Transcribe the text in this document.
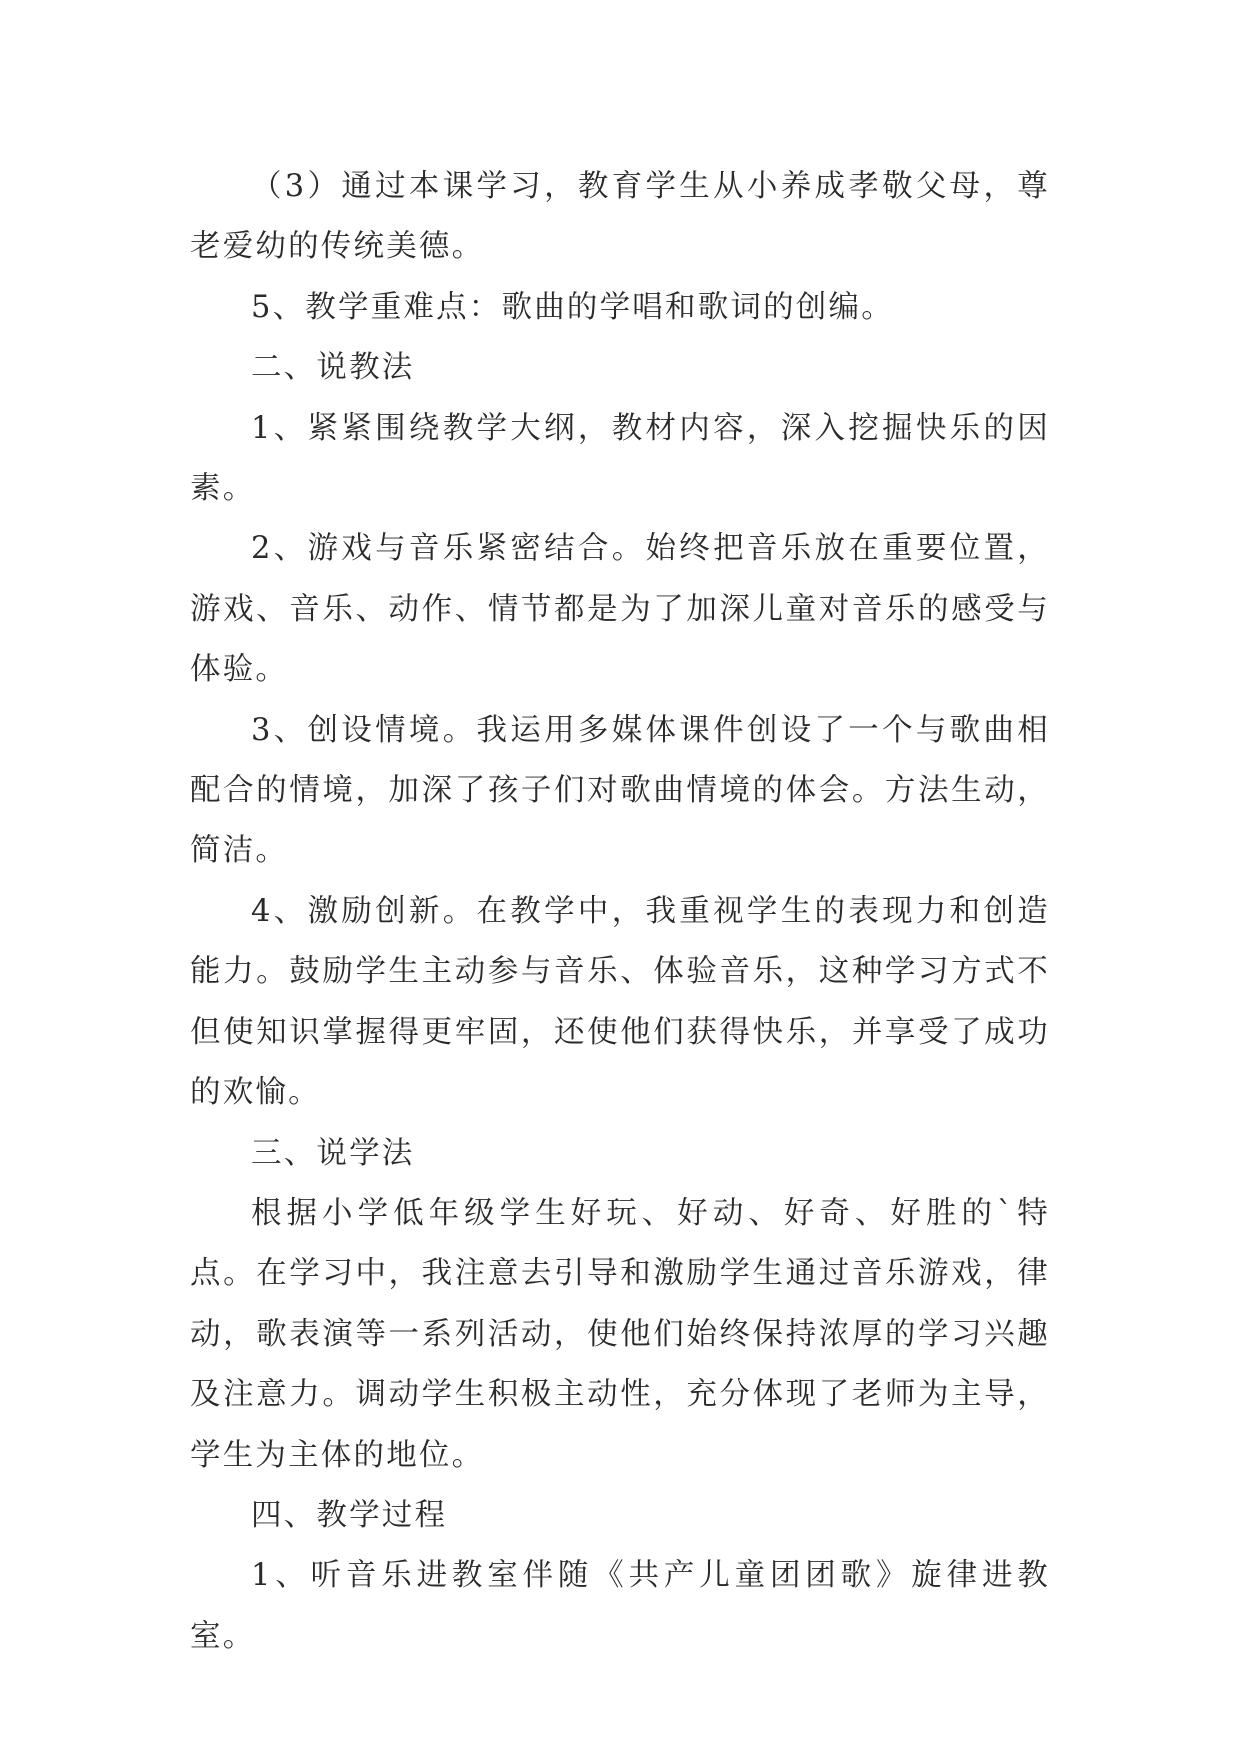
（3）通过本课学习，教育学生从小养成孝敬父母，尊老爱幼的传统美德。

5、教学重难点：歌曲的学唱和歌词的创编。

二、说教法

1、紧紧围绕教学大纲，教材内容，深入挖掘快乐的因素。

2、游戏与音乐紧密结合。始终把音乐放在重要位置，游戏、音乐、动作、情节都是为了加深儿童对音乐的感受与体验。

3、创设情境。我运用多媒体课件创设了一个与歌曲相配合的情境，加深了孩子们对歌曲情境的体会。方法生动，简洁。

4、激励创新。在教学中，我重视学生的表现力和创造能力。鼓励学生主动参与音乐、体验音乐，这种学习方式不但使知识掌握得更牢固，还使他们获得快乐，并享受了成功的欢愉。

三、说学法

根据小学低年级学生好玩、好动、好奇、好胜的`特点。在学习中，我注意去引导和激励学生通过音乐游戏，律动，歌表演等一系列活动，使他们始终保持浓厚的学习兴趣及注意力。调动学生积极主动性，充分体现了老师为主导，学生为主体的地位。

四、教学过程

1、听音乐进教室伴随《共产儿童团团歌》旋律进教室。
